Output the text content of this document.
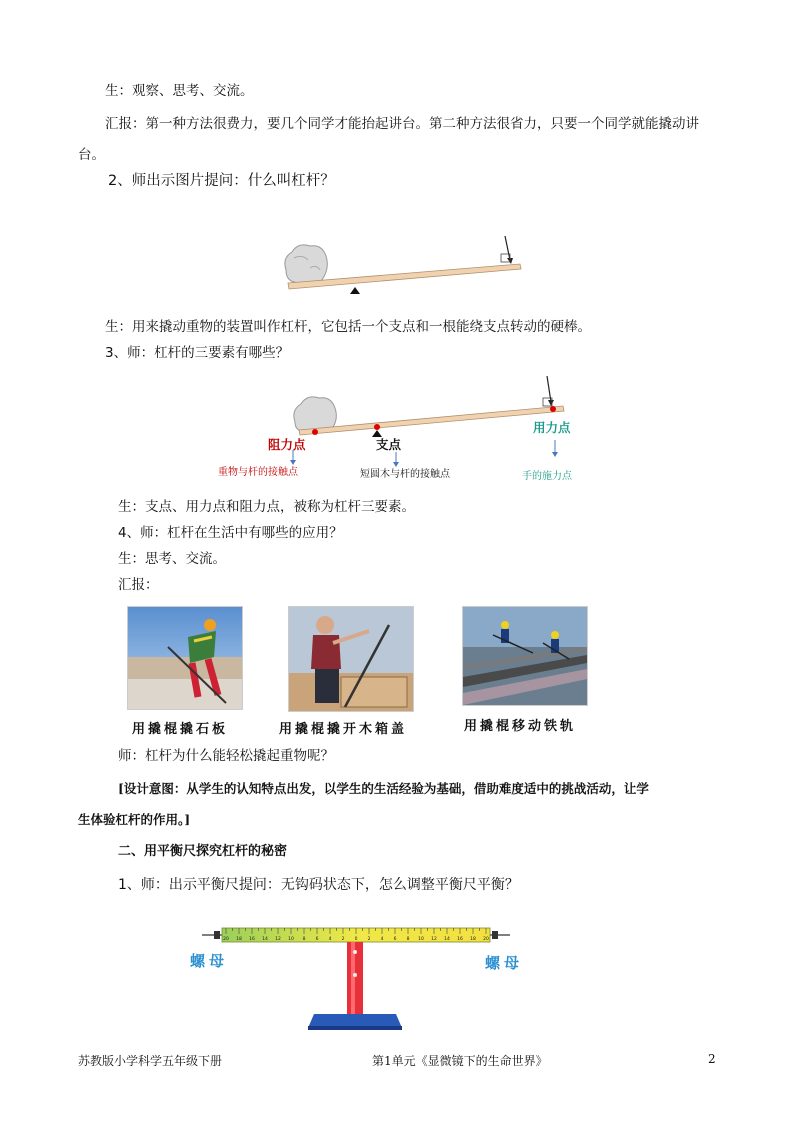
生：观察、思考、交流。
汇报：第一种方法很费力，要几个同学才能抬起讲台。第二种方法很省力，只要一个同学就能撬动讲
台。
2、师出示图片提问：什么叫杠杆？
生：用来撬动重物的装置叫作杠杆，它包括一个支点和一根能绕支点转动的硬棒。
3、师：杠杆的三要素有哪些？
阻力点	支点
用力点
重物与杆的接触点	短圆木与杆的接触点	手的施力点
生：支点、用力点和阻力点，被称为杠杆三要素。
4、师：杠杆在生活中有哪些的应用？
生：思考、交流。
汇报：
用撬棍撬石板	用撬棍撬开木箱盖	用撬棍移动铁轨
师：杠杆为什么能轻松撬起重物呢？
[设计意图：从学生的认知特点出发，以学生的生活经验为基础，借助难度适中的挑战活动，让学
生体验杠杆的作用。]
二、用平衡尺探究杠杆的秘密
1、师：出示平衡尺提问：无钩码状态下，怎么调整平衡尺平衡？
20 18 16 14 12 10 8 6 4 2 0 2 4 6 8 10 12 14 16 18 20
螺母	螺母
苏教版小学科学五年级下册	第1单元《显微镜下的生命世界》	2
